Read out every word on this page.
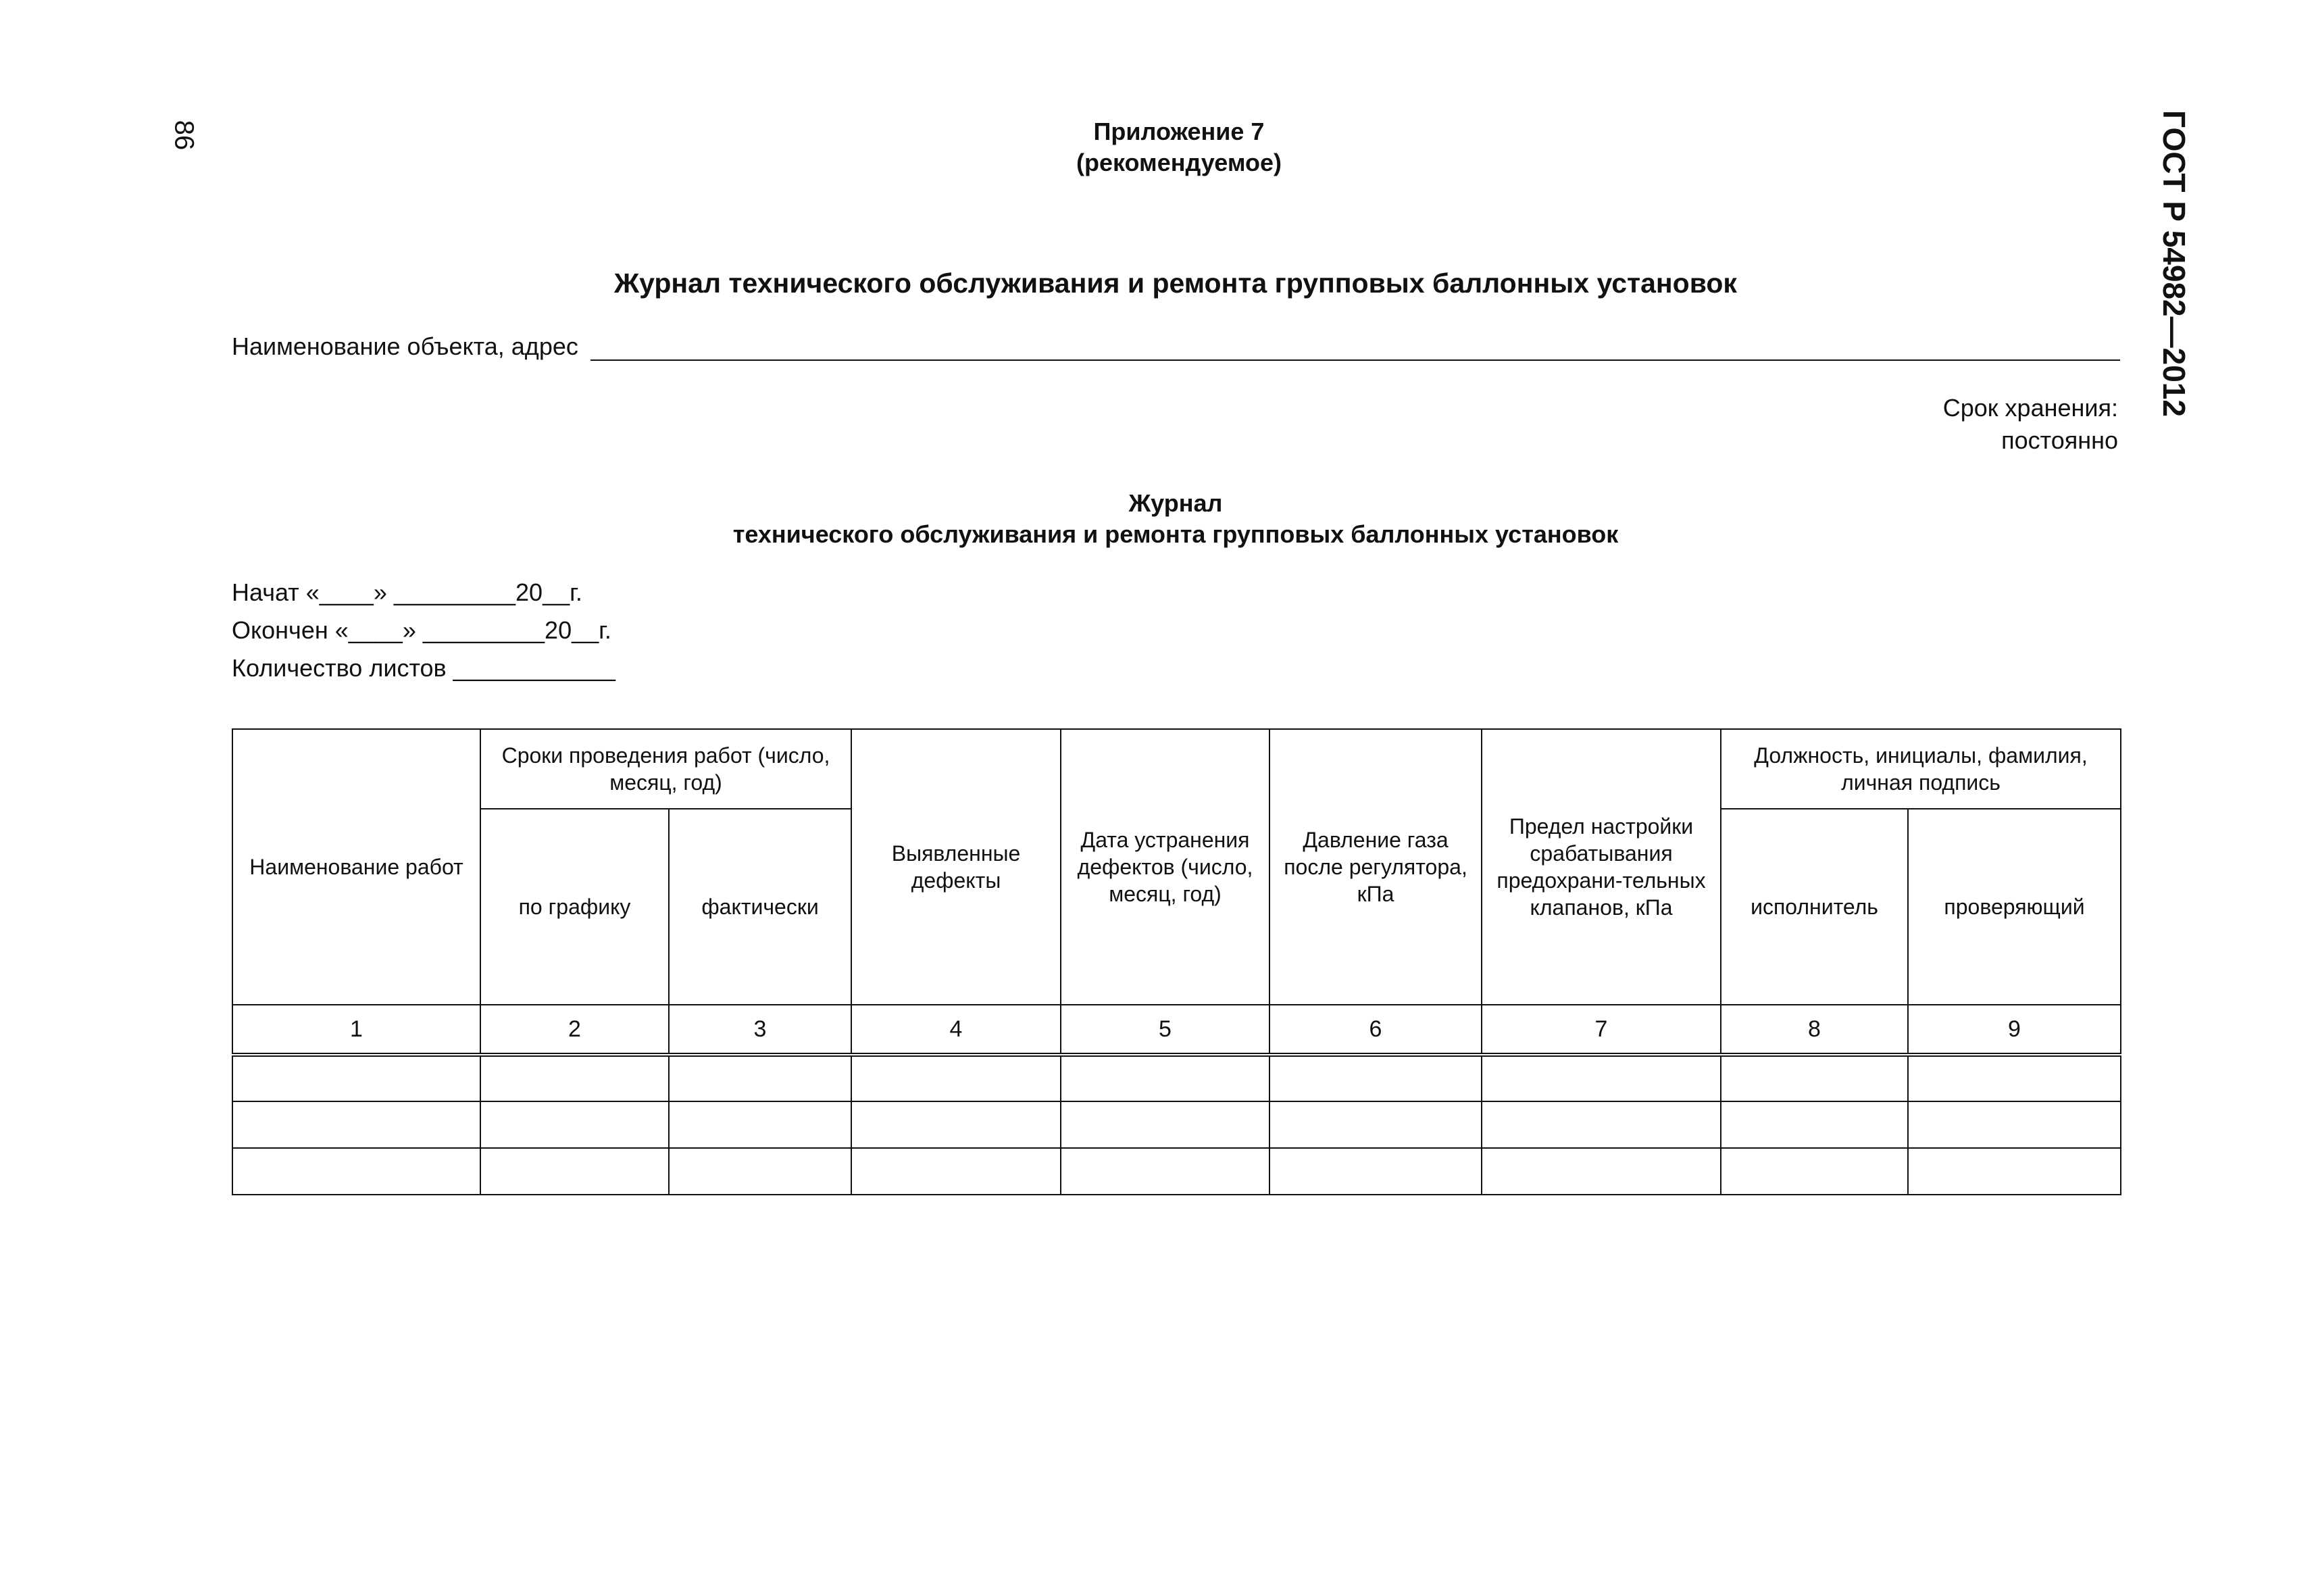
86	ГОСТ Р 54982—2012
Приложение 7
(рекомендуемое)
Журнал технического обслуживания и ремонта групповых баллонных установок
Наименование объекта, адрес
Срок хранения:
постоянно
Журнал
технического обслуживания и ремонта групповых баллонных установок
Начат «____» _________20__г.
Окончен «____» _________20__г.
Количество листов ____________
Наименование работ	Сроки проведения работ (число, месяц, год)		Выявленные дефекты	Дата устранения дефектов (число, месяц, год)	Давление газа после регулятора, кПа	Предел настройки срабатывания предохрани-тельных клапанов, кПа	Должность, инициалы, фамилия, личная подпись	
	по графику	фактически					исполнитель	проверяющий
1	2	3	4	5	6	7	8	9
